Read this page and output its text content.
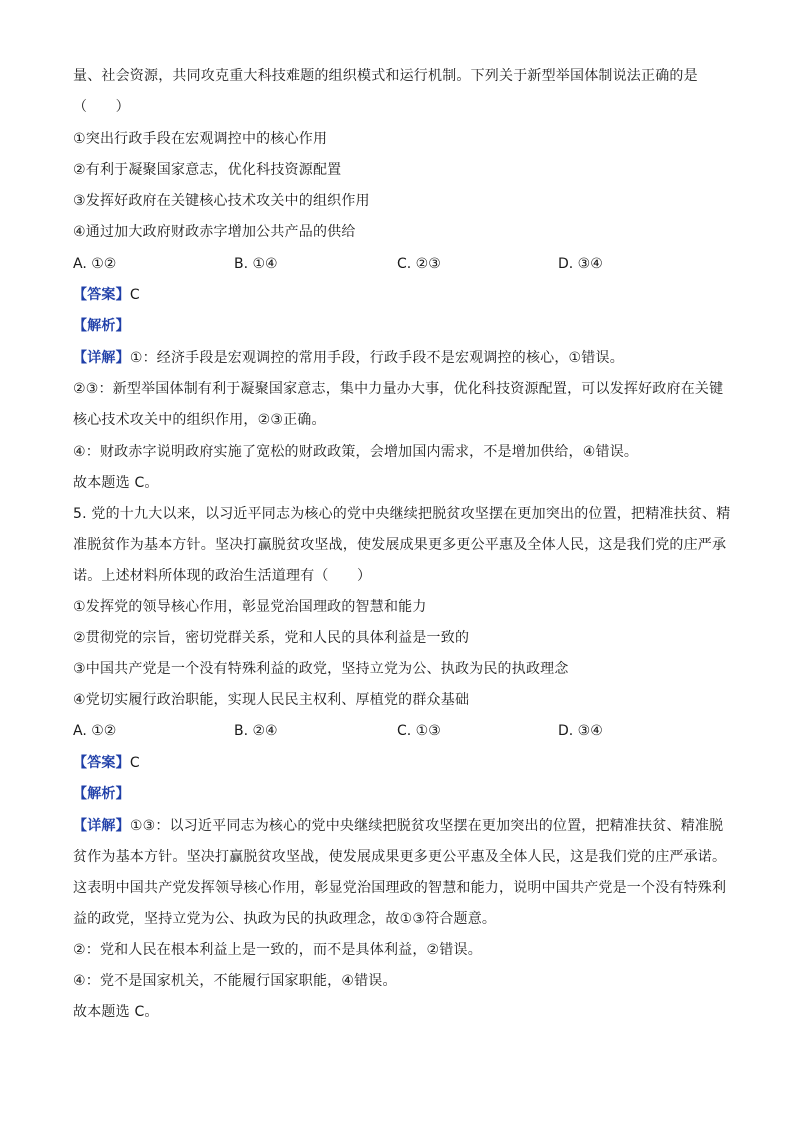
量、社会资源，共同攻克重大科技难题的组织模式和运行机制。下列关于新型举国体制说法正确的是
（　　）
①突出行政手段在宏观调控中的核心作用
②有利于凝聚国家意志，优化科技资源配置
③发挥好政府在关键核心技术攻关中的组织作用
④通过加大政府财政赤字增加公共产品的供给
A. ①②	B. ①④	C. ②③	D. ③④
【答案】C
【解析】
【详解】①：经济手段是宏观调控的常用手段，行政手段不是宏观调控的核心，①错误。
②③：新型举国体制有利于凝聚国家意志，集中力量办大事，优化科技资源配置，可以发挥好政府在关键
核心技术攻关中的组织作用，②③正确。
④：财政赤字说明政府实施了宽松的财政政策，会增加国内需求，不是增加供给，④错误。
故本题选 C。
5. 党的十九大以来，以习近平同志为核心的党中央继续把脱贫攻坚摆在更加突出的位置，把精准扶贫、精
准脱贫作为基本方针。坚决打赢脱贫攻坚战，使发展成果更多更公平惠及全体人民，这是我们党的庄严承
诺。上述材料所体现的政治生活道理有（　　）
①发挥党的领导核心作用，彰显党治国理政的智慧和能力
②贯彻党的宗旨，密切党群关系，党和人民的具体利益是一致的
③中国共产党是一个没有特殊利益的政党，坚持立党为公、执政为民的执政理念
④党切实履行政治职能，实现人民民主权利、厚植党的群众基础
A. ①②	B. ②④	C. ①③	D. ③④
【答案】C
【解析】
【详解】①③：以习近平同志为核心的党中央继续把脱贫攻坚摆在更加突出的位置，把精准扶贫、精准脱
贫作为基本方针。坚决打赢脱贫攻坚战，使发展成果更多更公平惠及全体人民，这是我们党的庄严承诺。
这表明中国共产党发挥领导核心作用，彰显党治国理政的智慧和能力，说明中国共产党是一个没有特殊利
益的政党，坚持立党为公、执政为民的执政理念，故①③符合题意。
②：党和人民在根本利益上是一致的，而不是具体利益，②错误。
④：党不是国家机关，不能履行国家职能，④错误。
故本题选 C。
